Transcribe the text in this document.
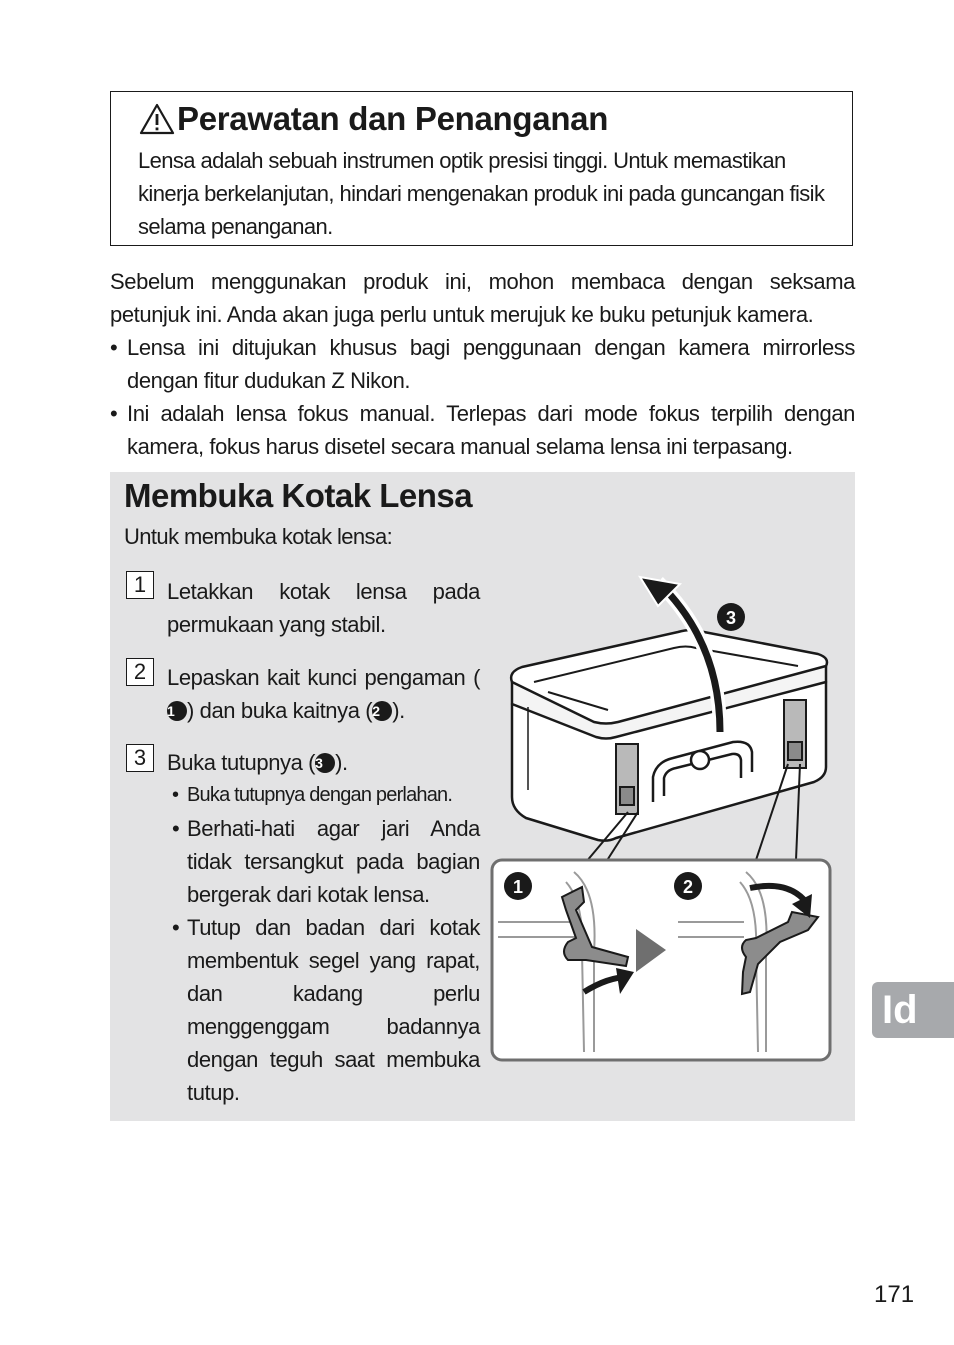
Perawatan dan Penanganan

Lensa adalah sebuah instrumen optik presisi tinggi. Untuk memastikan kinerja berkelanjutan, hindari mengenakan produk ini pada guncangan fisik selama penanganan.

Sebelum menggunakan produk ini, mohon membaca dengan seksama petunjuk ini. Anda akan juga perlu untuk merujuk ke buku petunjuk kamera.

• Lensa ini ditujukan khusus bagi penggunaan dengan kamera mirrorless dengan fitur dudukan Z Nikon.
• Ini adalah lensa fokus manual. Terlepas dari mode fokus terpilih dengan kamera, fokus harus disetel secara manual selama lensa ini terpasang.
Membuka Kotak Lensa

Untuk membuka kotak lensa:

1 Letakkan kotak lensa pada permukaan yang stabil.

2 Lepaskan kait kunci pengaman (1 ) dan buka kaitnya (2 ).

3 Buka tutupnya (3 ).

• Buka tutupnya dengan perlahan.
• Berhati-hati agar jari Anda tidak tersangkut pada bagian bergerak dari kotak lensa.
• Tutup dan badan dari kotak membentuk segel yang rapat, dan kadang perlu menggenggam badannya dengan teguh saat membuka tutup.
1	2
3
Id

171
